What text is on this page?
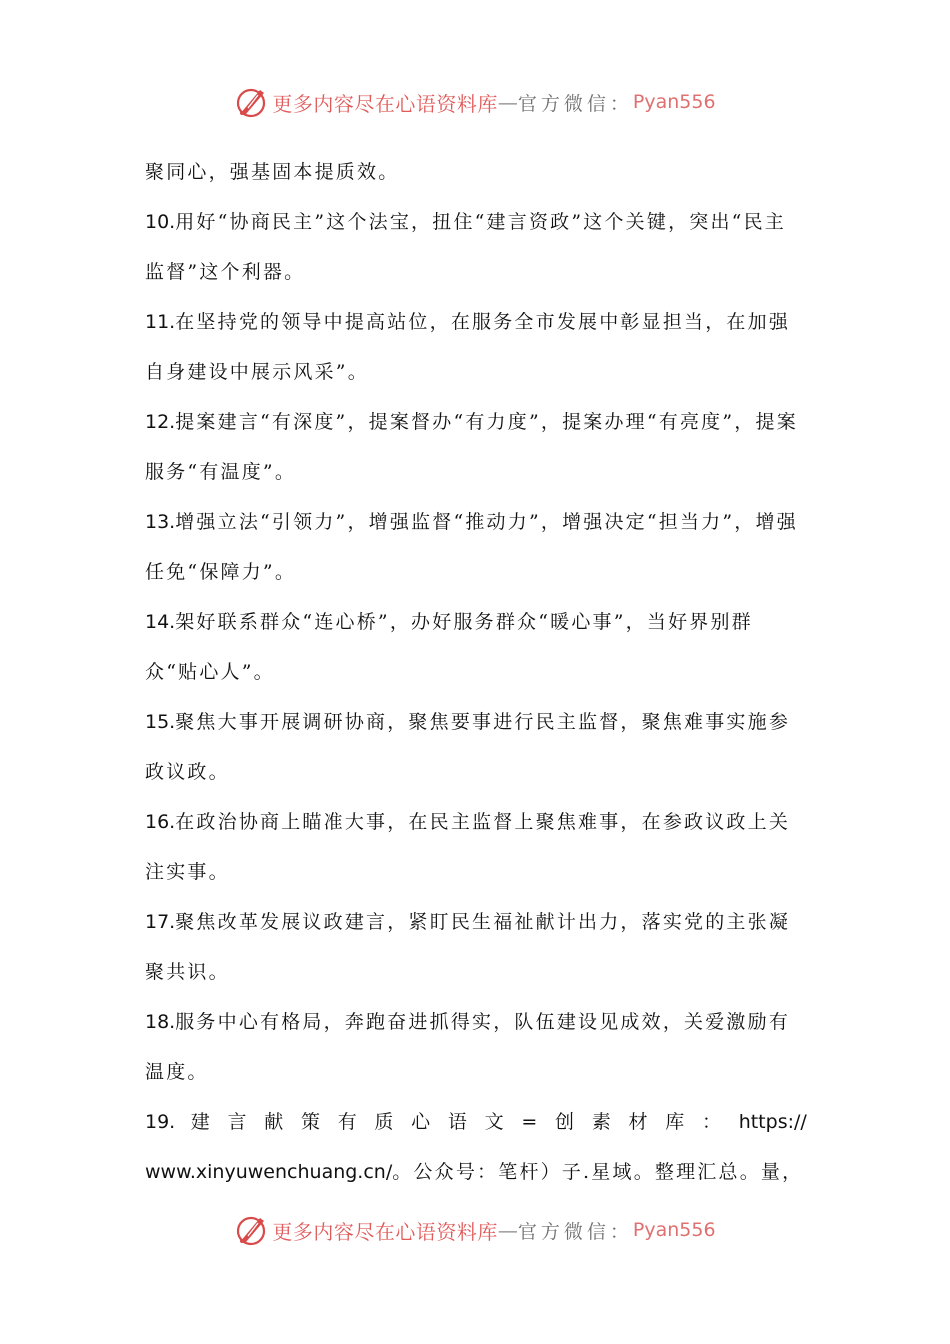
更多内容尽在心语资料库 — 官方微信： Pyan556

聚同心，强基固本提质效。

10.用好“协商民主”这个法宝，扭住“建言资政”这个关键，突出“民主监督”这个利器。

11.在坚持党的领导中提高站位，在服务全市发展中彰显担当，在加强自身建设中展示风采”。

12.提案建言“有深度”，提案督办“有力度”，提案办理“有亮度”，提案服务“有温度”。

13.增强立法“引领力”，增强监督“推动力”，增强决定“担当力”，增强任免“保障力”。

14.架好联系群众“连心桥”，办好服务群众“暖心事”，当好界别群众“贴心人”。

15.聚焦大事开展调研协商，聚焦要事进行民主监督，聚焦难事实施参政议政。

16.在政治协商上瞄准大事，在民主监督上聚焦难事，在参政议政上关注实事。

17.聚焦改革发展议政建言，紧盯民生福祉献计出力，落实党的主张凝聚共识。

18.服务中心有格局，奔跑奋进抓得实，队伍建设见成效，关爱激励有温度。

19. 建 言 献 策 有 质 心 语 文 = 创 素 材 库 ： https://
www.xinyuwenchuang.cn/。公众号：笔杆）子.星域。整理汇总。量，
更多内容尽在心语资料库 — 官方微信： Pyan556
